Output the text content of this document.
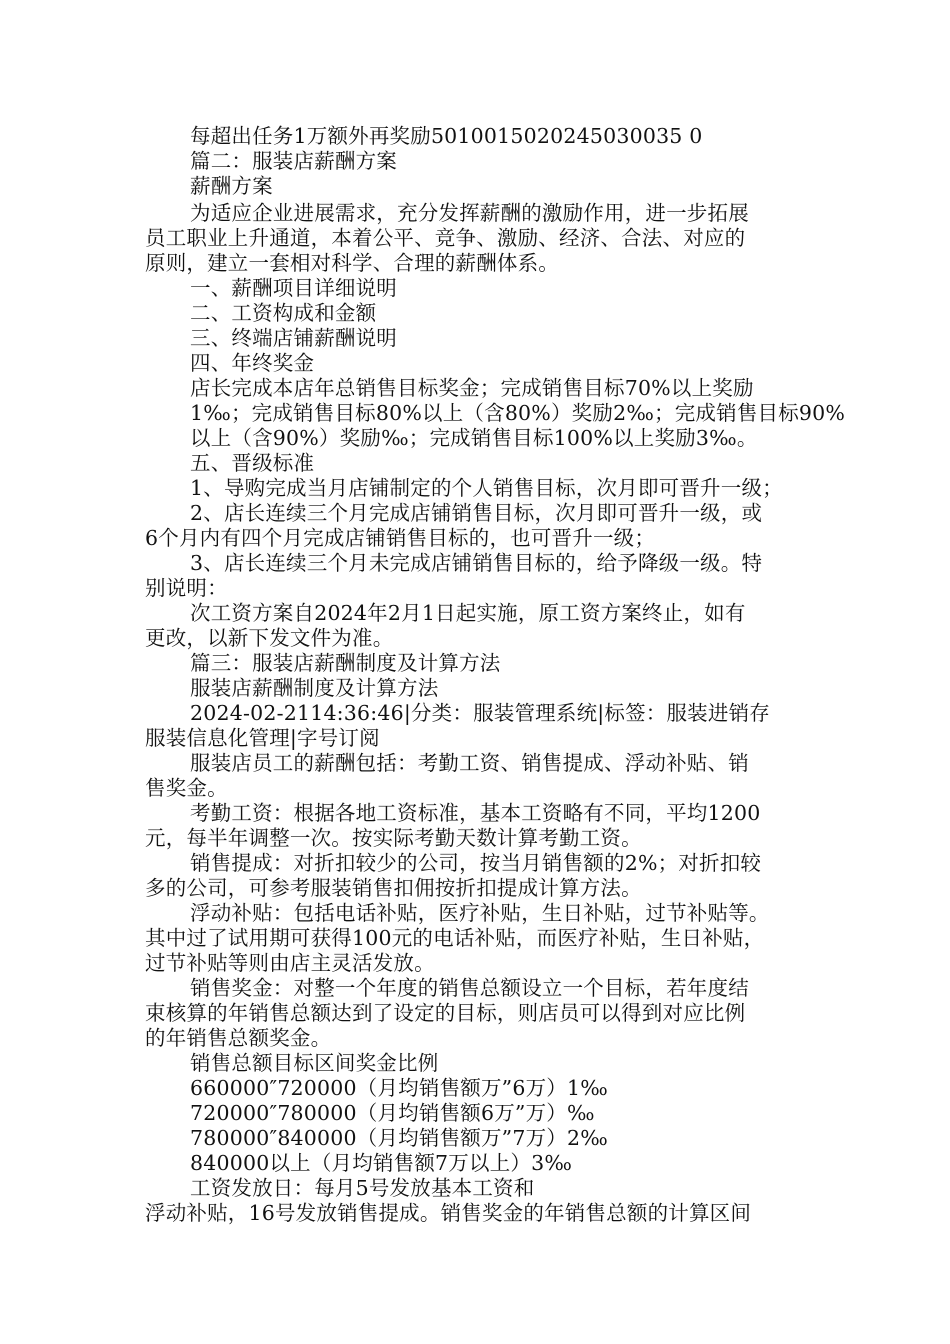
每超出任务1万额外再奖励5010015020245030035 0
篇二：服装店薪酬方案
薪酬方案
为适应企业进展需求，充分发挥薪酬的激励作用，进一步拓展
员工职业上升通道，本着公平、竞争、激励、经济、合法、对应的
原则，建立一套相对科学、合理的薪酬体系。
一、薪酬项目详细说明
二、工资构成和金额
三、终端店铺薪酬说明
四、年终奖金
店长完成本店年总销售目标奖金；完成销售目标70%以上奖励
1‰；完成销售目标80%以上（含80%）奖励2‰；完成销售目标90%
以上（含90%）奖励‰；完成销售目标100%以上奖励3‰。
五、晋级标准
1、导购完成当月店铺制定的个人销售目标，次月即可晋升一级；
2、店长连续三个月完成店铺销售目标，次月即可晋升一级，或
6个月内有四个月完成店铺销售目标的，也可晋升一级；
3、店长连续三个月未完成店铺销售目标的，给予降级一级。特
别说明：
次工资方案自2024年2月1日起实施，原工资方案终止，如有
更改，以新下发文件为准。
篇三：服装店薪酬制度及计算方法
服装店薪酬制度及计算方法
2024-02-2114:36:46|分类：服装管理系统|标签：服装进销存
服装信息化管理|字号订阅
服装店员工的薪酬包括：考勤工资、销售提成、浮动补贴、销
售奖金。
考勤工资：根据各地工资标准，基本工资略有不同，平均1200
元，每半年调整一次。按实际考勤天数计算考勤工资。
销售提成：对折扣较少的公司，按当月销售额的2%；对折扣较
多的公司，可参考服装销售扣佣按折扣提成计算方法。
浮动补贴：包括电话补贴，医疗补贴，生日补贴，过节补贴等。
其中过了试用期可获得100元的电话补贴，而医疗补贴，生日补贴，
过节补贴等则由店主灵活发放。
销售奖金：对整一个年度的销售总额设立一个目标，若年度结
束核算的年销售总额达到了设定的目标，则店员可以得到对应比例
的年销售总额奖金。
销售总额目标区间奖金比例
660000″720000（月均销售额万”6万）1‰
720000″780000（月均销售额6万”万）‰
780000″840000（月均销售额万”7万）2‰
840000以上（月均销售额7万以上）3‰
工资发放日：每月5号发放基本工资和
浮动补贴，16号发放销售提成。销售奖金的年销售总额的计算区间
